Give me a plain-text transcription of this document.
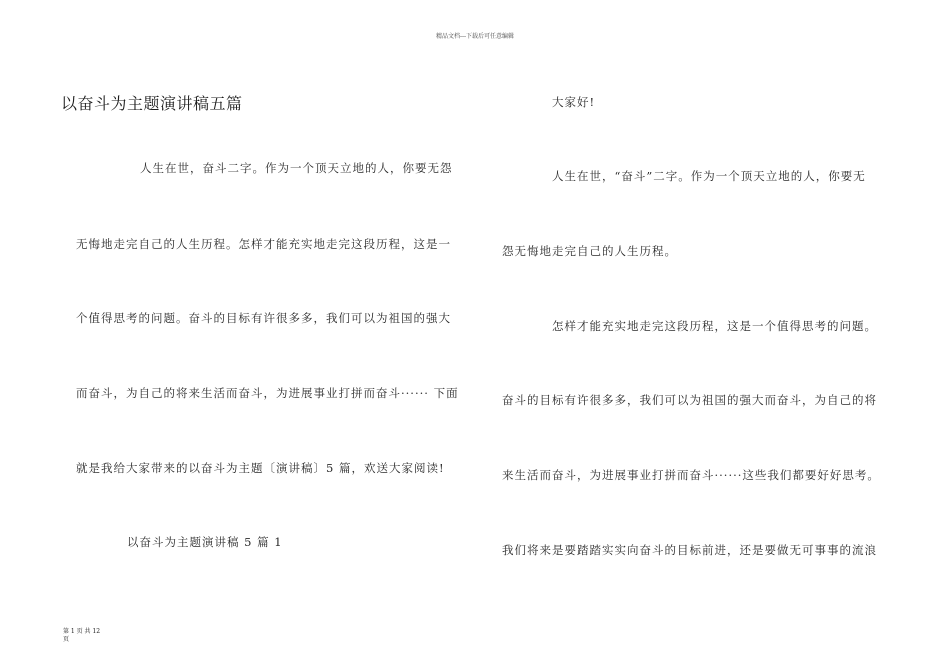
精品文档---下载后可任意编辑
以奋斗为主题演讲稿五篇
人生在世，奋斗二字。作为一个顶天立地的人，你要无怨
无悔地走完自己的人生历程。怎样才能充实地走完这段历程，这是一
个值得思考的问题。奋斗的目标有许很多多，我们可以为祖国的强大
而奋斗，为自己的将来生活而奋斗，为进展事业打拼而奋斗······ 下面
就是我给大家带来的以奋斗为主题〔演讲稿〕5 篇，欢送大家阅读!
以奋斗为主题演讲稿 5 篇 1
大家好!
人生在世，“奋斗”二字。作为一个顶天立地的人，你要无
怨无悔地走完自己的人生历程。
怎样才能充实地走完这段历程，这是一个值得思考的问题。
奋斗的目标有许很多多，我们可以为祖国的强大而奋斗，为自己的将
来生活而奋斗，为进展事业打拼而奋斗······这些我们都要好好思考。
我们将来是要踏踏实实向奋斗的目标前进，还是要做无可事事的流浪
第 1 页 共 12
页
